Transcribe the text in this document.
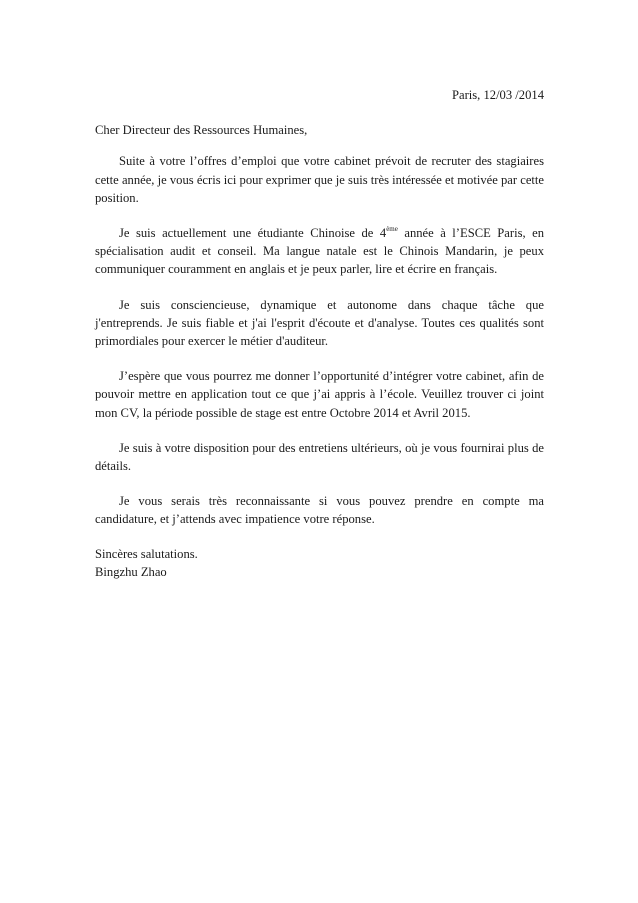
Paris, 12/03 /2014

Cher Directeur des Ressources Humaines,

Suite à votre l’offres d’emploi que votre cabinet prévoit de recruter des stagiaires cette année, je vous écris ici pour exprimer que je suis très intéressée et motivée par cette position.

Je suis actuellement une étudiante Chinoise de 4ème année à l’ESCE Paris, en spécialisation audit et conseil. Ma langue natale est le Chinois Mandarin, je peux communiquer couramment en anglais et je peux parler, lire et écrire en français.

Je suis consciencieuse, dynamique et autonome dans chaque tâche que j'entreprends. Je suis fiable et j'ai l'esprit d'écoute et d'analyse. Toutes ces qualités sont primordiales pour exercer le métier d'auditeur.

J’espère que vous pourrez me donner l’opportunité d’intégrer votre cabinet, afin de pouvoir mettre en application tout ce que j’ai appris à l’école. Veuillez trouver ci joint mon CV, la période possible de stage est entre Octobre 2014 et Avril 2015.

Je suis à votre disposition pour des entretiens ultérieurs, où je vous fournirai plus de détails.

Je vous serais très reconnaissante si vous pouvez prendre en compte ma candidature, et j’attends avec impatience votre réponse.

Sincères salutations.

Bingzhu Zhao
